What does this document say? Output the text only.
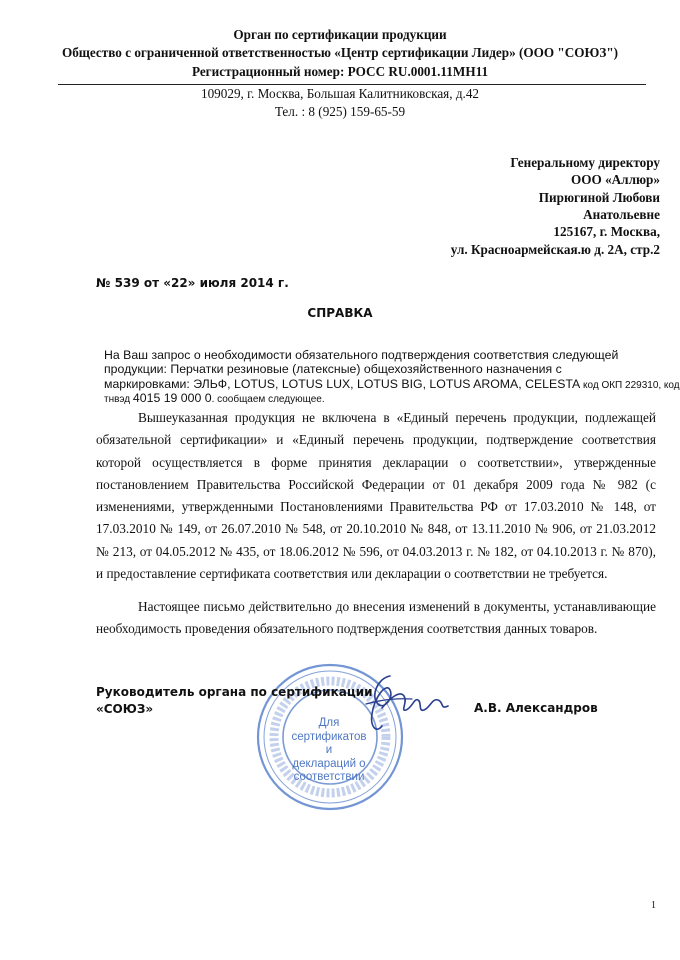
Орган по сертификации продукции
Общество с ограниченной ответственностью «Центр сертификации Лидер» (ООО "СОЮЗ")
Регистрационный номер: РОСС RU.0001.11МН11
109029, г. Москва, Большая Калитниковская, д.42
Тел. : 8 (925) 159-65-59
Генеральному директору
ООО «Аллюр»
Пирюгиной Любови
Анатольевне
125167, г. Москва,
ул. Красноармейская.ю д. 2А, стр.2
№ 539 от «22» июля 2014 г.
СПРАВКА
На Ваш запрос о необходимости обязательного подтверждения соответствия следующей
продукции: Перчатки резиновые (латексные) общехозяйственного назначения с
маркировками: ЭЛЬФ, LOTUS, LOTUS LUX, LOTUS BIG, LOTUS AROMA, CELESTA код ОКП 229310, код
тнвэд 4015 19 000 0. сообщаем следующее.

Вышеуказанная продукция не включена в «Единый перечень продукции, подлежащей обязательной сертификации» и «Единый перечень продукции, подтверждение соответствия которой осуществляется в форме принятия декларации о соответствии», утвержденные постановлением Правительства Российской Федерации от 01 декабря 2009 года № 982 (с изменениями, утвержденными Постановлениями Правительства РФ от 17.03.2010 № 148, от 17.03.2010 № 149, от 26.07.2010 № 548, от 20.10.2010 № 848, от 13.11.2010 № 906, от 21.03.2012 № 213, от 04.05.2012 № 435, от 18.06.2012 № 596, от 04.03.2013 г. № 182, от 04.10.2013 г. № 870), и предоставление сертификата соответствия или декларации о соответствии не требуется.

Настоящее письмо действительно до внесения изменений в документы, устанавливающие необходимость проведения обязательного подтверждения соответствия данных товаров.

Для
сертификатов и
деклараций о
соответствии
Руководитель органа по сертификации
«СОЮЗ»	А.В. Александров
1
